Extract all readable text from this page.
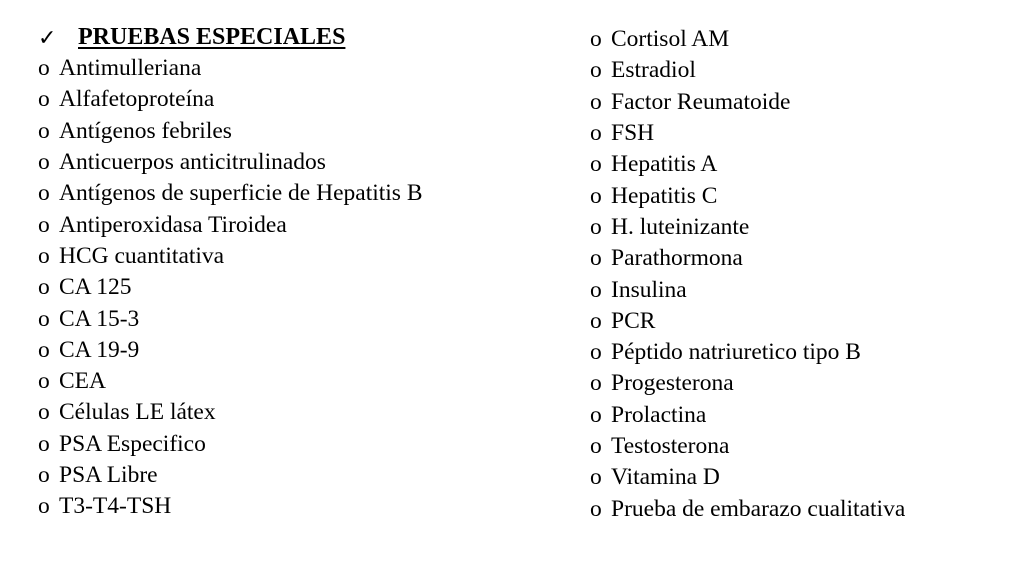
✓ PRUEBAS ESPECIALES
o Antimulleriana
o Alfafetoproteína
o Antígenos febriles
o Anticuerpos anticitrulinados
o Antígenos de superficie de Hepatitis B
o Antiperoxidasa Tiroidea
o HCG cuantitativa
o CA 125
o CA 15-3
o CA 19-9
o CEA
o Células LE látex
o PSA Especifico
o PSA Libre
o T3-T4-TSH
o Cortisol AM
o Estradiol
o Factor Reumatoide
o FSH
o Hepatitis A
o Hepatitis C
o H. luteinizante
o Parathormona
o Insulina
o PCR
o Péptido natriuretico tipo B
o Progesterona
o Prolactina
o Testosterona
o Vitamina D
o Prueba de embarazo cualitativa
